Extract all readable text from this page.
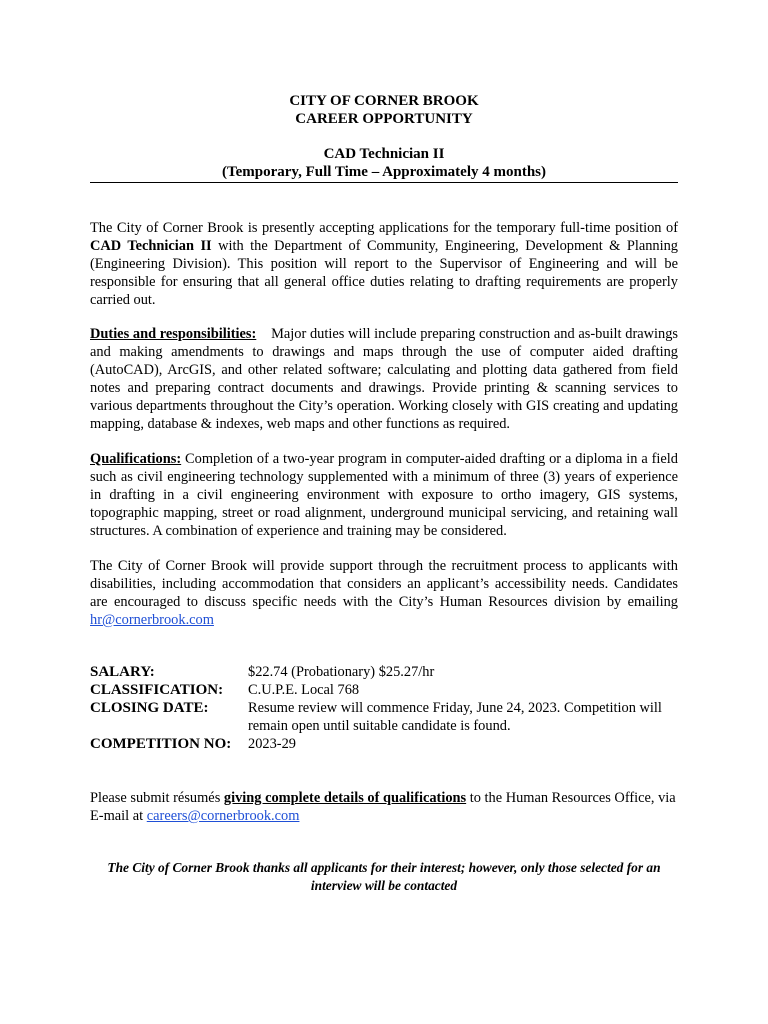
CITY OF CORNER BROOK
CAREER OPPORTUNITY
CAD Technician II
(Temporary, Full Time – Approximately 4 months)
The City of Corner Brook is presently accepting applications for the temporary full-time position of CAD Technician II with the Department of Community, Engineering, Development & Planning (Engineering Division). This position will report to the Supervisor of Engineering and will be responsible for ensuring that all general office duties relating to drafting requirements are properly carried out.
Duties and responsibilities: Major duties will include preparing construction and as-built drawings and making amendments to drawings and maps through the use of computer aided drafting (AutoCAD), ArcGIS, and other related software; calculating and plotting data gathered from field notes and preparing contract documents and drawings. Provide printing & scanning services to various departments throughout the City’s operation. Working closely with GIS creating and updating mapping, database & indexes, web maps and other functions as required.
Qualifications: Completion of a two-year program in computer-aided drafting or a diploma in a field such as civil engineering technology supplemented with a minimum of three (3) years of experience in drafting in a civil engineering environment with exposure to ortho imagery, GIS systems, topographic mapping, street or road alignment, underground municipal servicing, and retaining wall structures. A combination of experience and training may be considered.
The City of Corner Brook will provide support through the recruitment process to applicants with disabilities, including accommodation that considers an applicant’s accessibility needs. Candidates are encouraged to discuss specific needs with the City’s Human Resources division by emailing hr@cornerbrook.com
SALARY:	$22.74 (Probationary) $25.27/hr
CLASSIFICATION:	C.U.P.E. Local 768
CLOSING DATE:	Resume review will commence Friday, June 24, 2023. Competition will remain open until suitable candidate is found.
COMPETITION NO:	2023-29
Please submit résumés giving complete details of qualifications to the Human Resources Office, via E-mail at careers@cornerbrook.com
The City of Corner Brook thanks all applicants for their interest; however, only those selected for an interview will be contacted
